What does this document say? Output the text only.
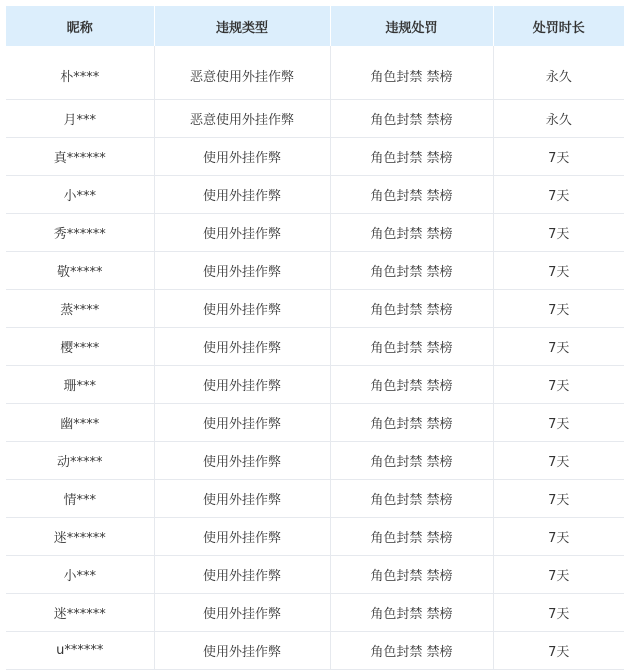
昵称	违规类型	违规处罚	处罚时长
朴****	恶意使用外挂作弊	角色封禁 禁榜	永久
月***	恶意使用外挂作弊	角色封禁 禁榜	永久
真******	使用外挂作弊	角色封禁 禁榜	7天
小***	使用外挂作弊	角色封禁 禁榜	7天
秀******	使用外挂作弊	角色封禁 禁榜	7天
敬*****	使用外挂作弊	角色封禁 禁榜	7天
蒸****	使用外挂作弊	角色封禁 禁榜	7天
樱****	使用外挂作弊	角色封禁 禁榜	7天
珊***	使用外挂作弊	角色封禁 禁榜	7天
幽****	使用外挂作弊	角色封禁 禁榜	7天
动*****	使用外挂作弊	角色封禁 禁榜	7天
情***	使用外挂作弊	角色封禁 禁榜	7天
迷******	使用外挂作弊	角色封禁 禁榜	7天
小***	使用外挂作弊	角色封禁 禁榜	7天
迷******	使用外挂作弊	角色封禁 禁榜	7天
u******	使用外挂作弊	角色封禁 禁榜	7天
